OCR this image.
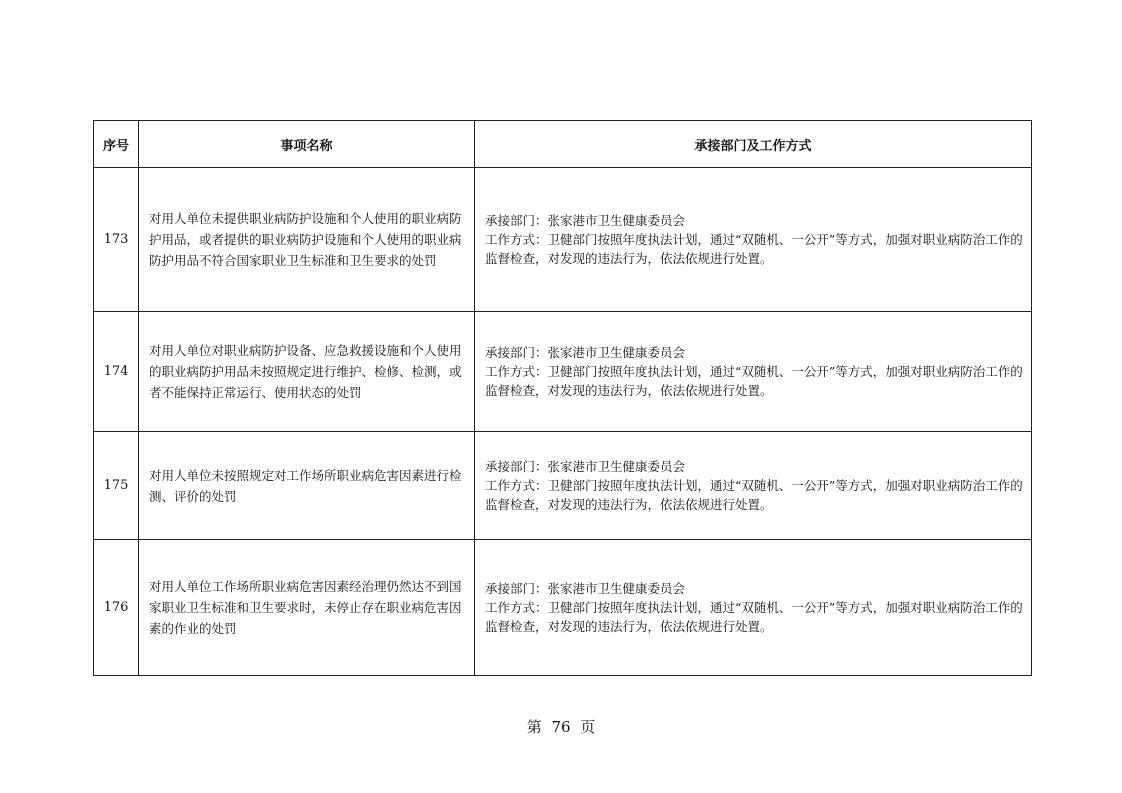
序号	事项名称	承接部门及工作方式
173	对用人单位未提供职业病防护设施和个人使用的职业病防护用品，或者提供的职业病防护设施和个人使用的职业病防护用品不符合国家职业卫生标准和卫生要求的处罚	承接部门：张家港市卫生健康委员会
工作方式：卫健部门按照年度执法计划，通过“双随机、一公开”等方式，加强对职业病防治工作的监督检查，对发现的违法行为，依法依规进行处置。
174	对用人单位对职业病防护设备、应急救援设施和个人使用的职业病防护用品未按照规定进行维护、检修、检测，或者不能保持正常运行、使用状态的处罚	承接部门：张家港市卫生健康委员会
工作方式：卫健部门按照年度执法计划，通过“双随机、一公开”等方式，加强对职业病防治工作的监督检查，对发现的违法行为，依法依规进行处置。
175	对用人单位未按照规定对工作场所职业病危害因素进行检测、评价的处罚	承接部门：张家港市卫生健康委员会
工作方式：卫健部门按照年度执法计划，通过“双随机、一公开”等方式，加强对职业病防治工作的监督检查，对发现的违法行为，依法依规进行处置。
176	对用人单位工作场所职业病危害因素经治理仍然达不到国家职业卫生标准和卫生要求时，未停止存在职业病危害因素的作业的处罚	承接部门：张家港市卫生健康委员会
工作方式：卫健部门按照年度执法计划，通过“双随机、一公开”等方式，加强对职业病防治工作的监督检查，对发现的违法行为，依法依规进行处置。
第 76 页
